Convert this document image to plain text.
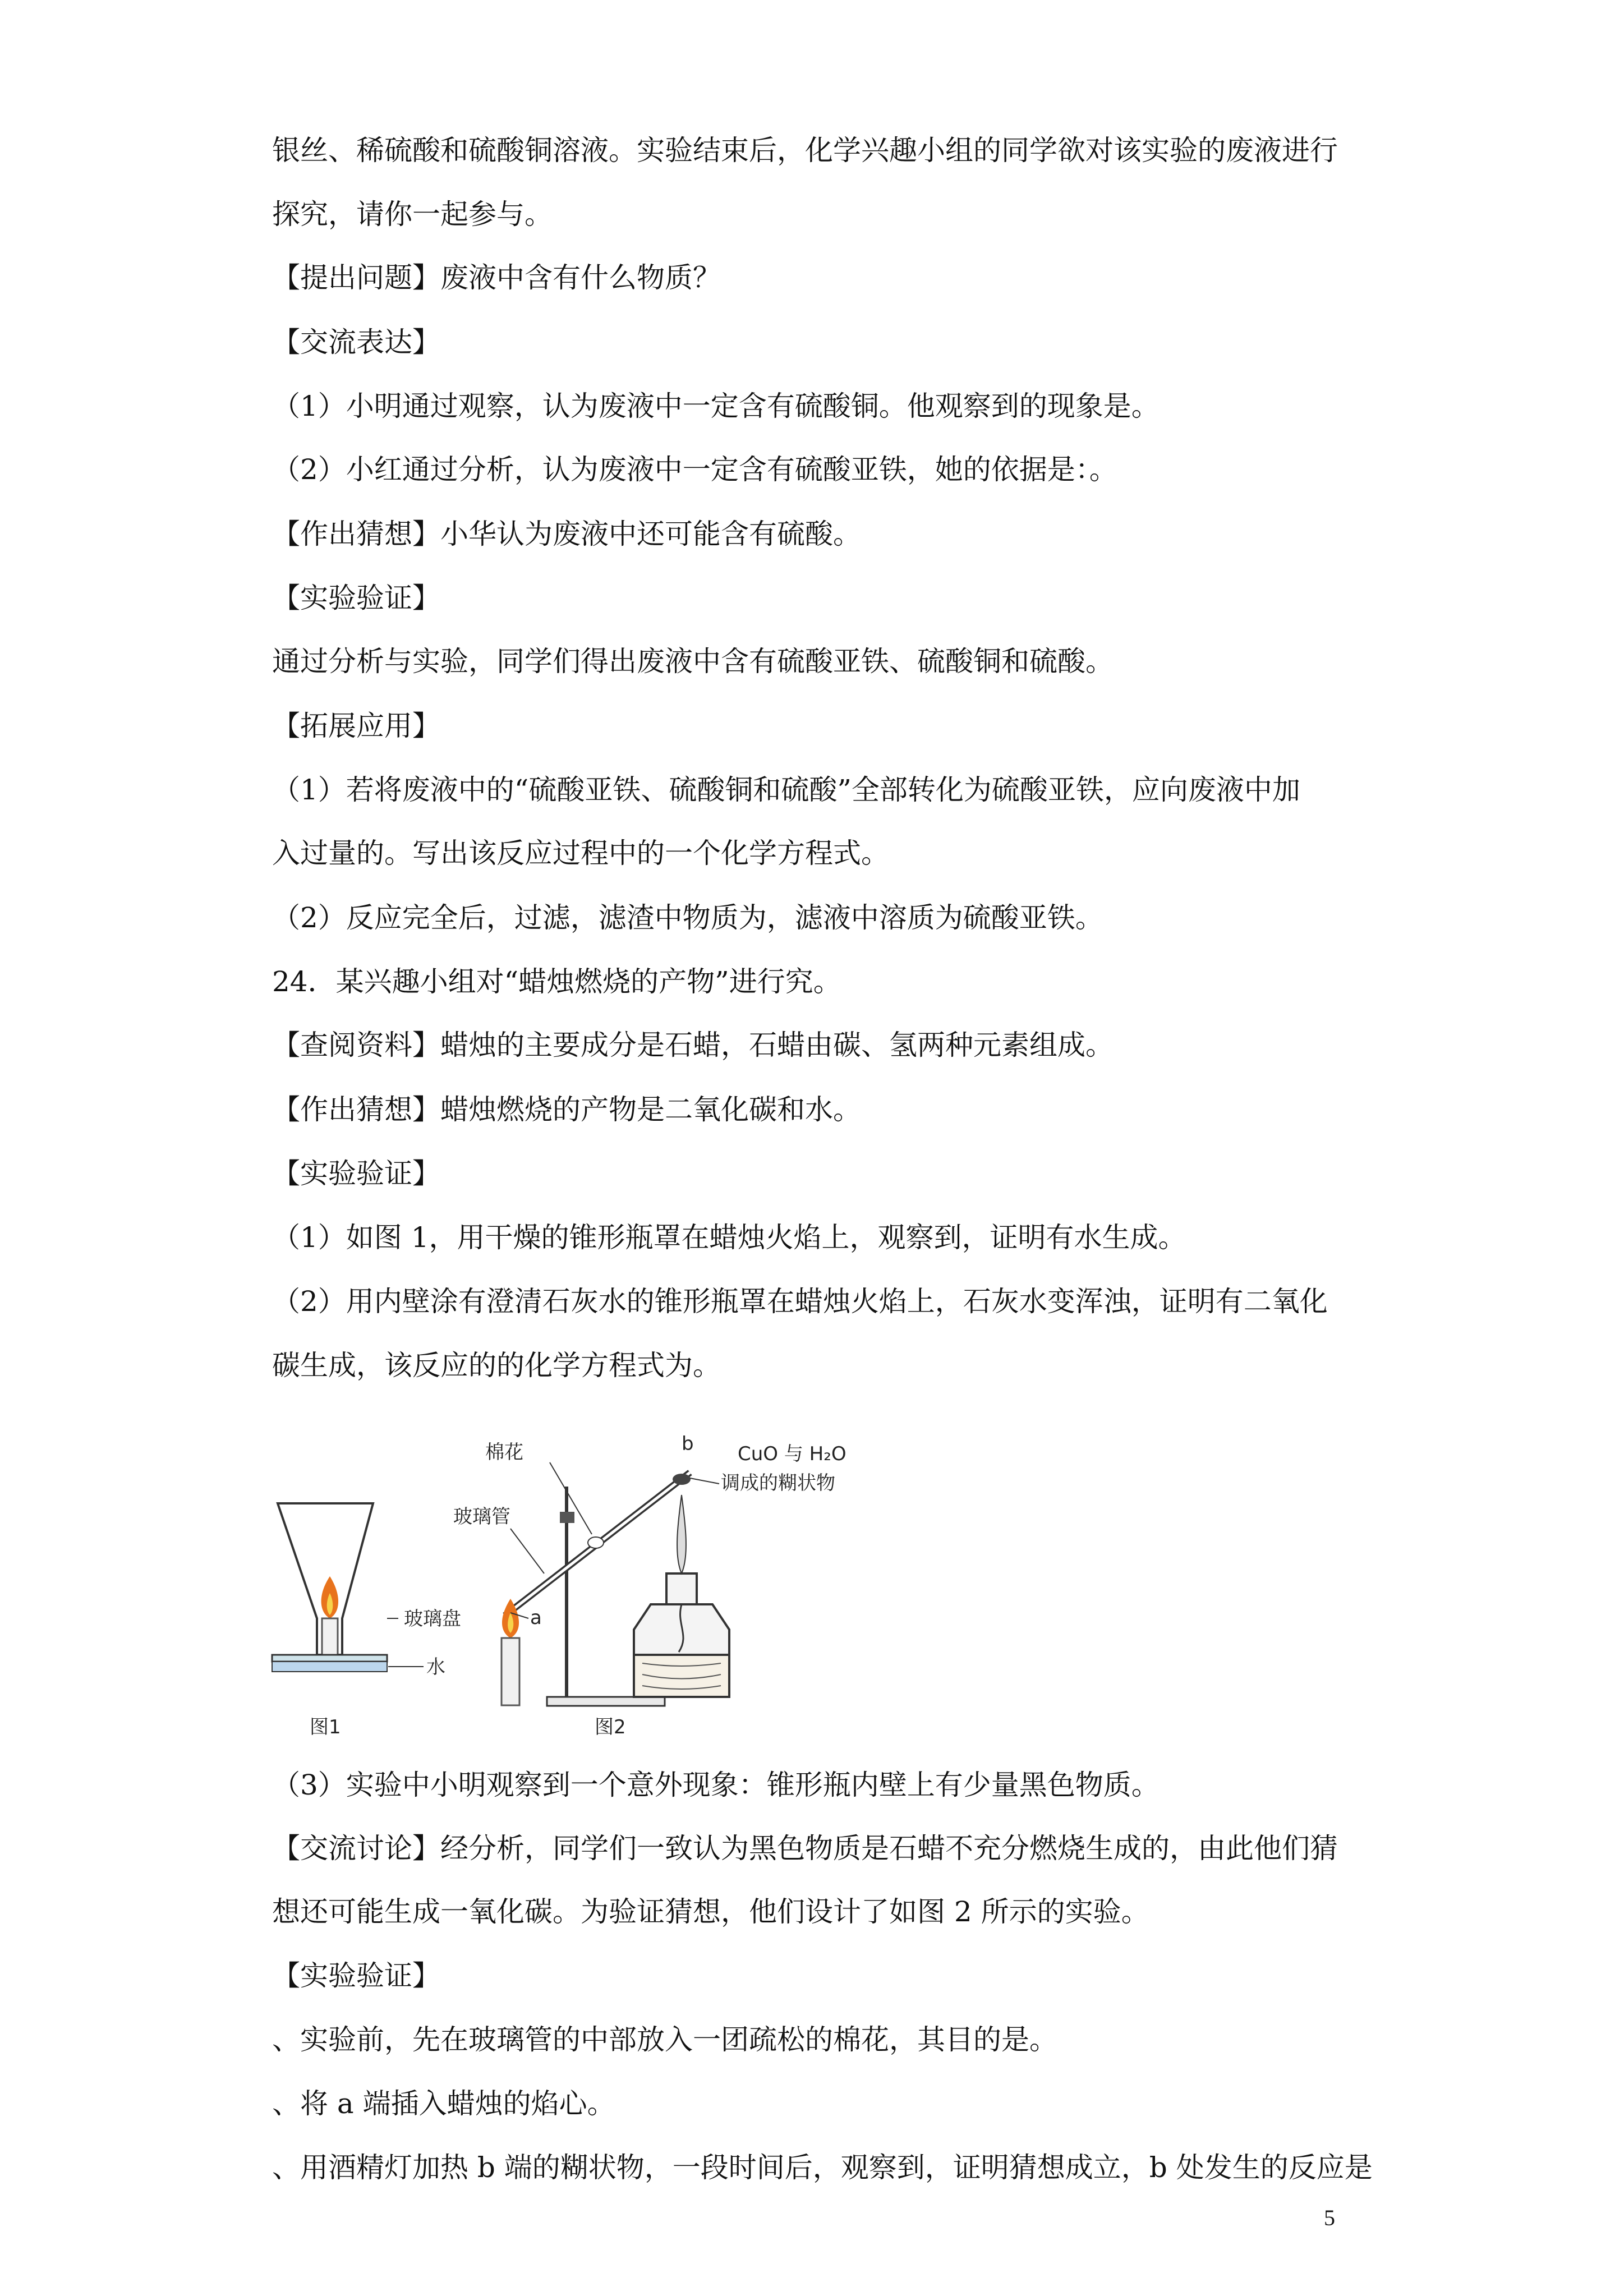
银丝、稀硫酸和硫酸铜溶液。实验结束后，化学兴趣小组的同学欲对该实验的废液进行
探究，请你一起参与。
【提出问题】废液中含有什么物质？
【交流表达】
（1）小明通过观察，认为废液中一定含有硫酸铜。他观察到的现象是。
（2）小红通过分析，认为废液中一定含有硫酸亚铁，她的依据是：。
【作出猜想】小华认为废液中还可能含有硫酸。
【实验验证】
通过分析与实验，同学们得出废液中含有硫酸亚铁、硫酸铜和硫酸。
【拓展应用】
（1）若将废液中的“硫酸亚铁、硫酸铜和硫酸”全部转化为硫酸亚铁，应向废液中加
入过量的。写出该反应过程中的一个化学方程式。
（2）反应完全后，过滤，滤渣中物质为，滤液中溶质为硫酸亚铁。
24．某兴趣小组对“蜡烛燃烧的产物”进行究。
【查阅资料】蜡烛的主要成分是石蜡，石蜡由碳、氢两种元素组成。
【作出猜想】蜡烛燃烧的产物是二氧化碳和水。
【实验验证】
（1）如图 1，用干燥的锥形瓶罩在蜡烛火焰上，观察到，证明有水生成。
（2）用内壁涂有澄清石灰水的锥形瓶罩在蜡烛火焰上，石灰水变浑浊，证明有二氧化
碳生成，该反应的的化学方程式为。
玻璃盘
水
图1
棉花	b
玻璃管
a
CuO 与 H₂O
调成的糊状物
图2
（3）实验中小明观察到一个意外现象：锥形瓶内壁上有少量黑色物质。
【交流讨论】经分析，同学们一致认为黑色物质是石蜡不充分燃烧生成的，由此他们猜
想还可能生成一氧化碳。为验证猜想，他们设计了如图 2 所示的实验。
【实验验证】
、实验前，先在玻璃管的中部放入一团疏松的棉花，其目的是。
、将 a 端插入蜡烛的焰心。
、用酒精灯加热 b 端的糊状物，一段时间后，观察到，证明猜想成立，b 处发生的反应是
5
